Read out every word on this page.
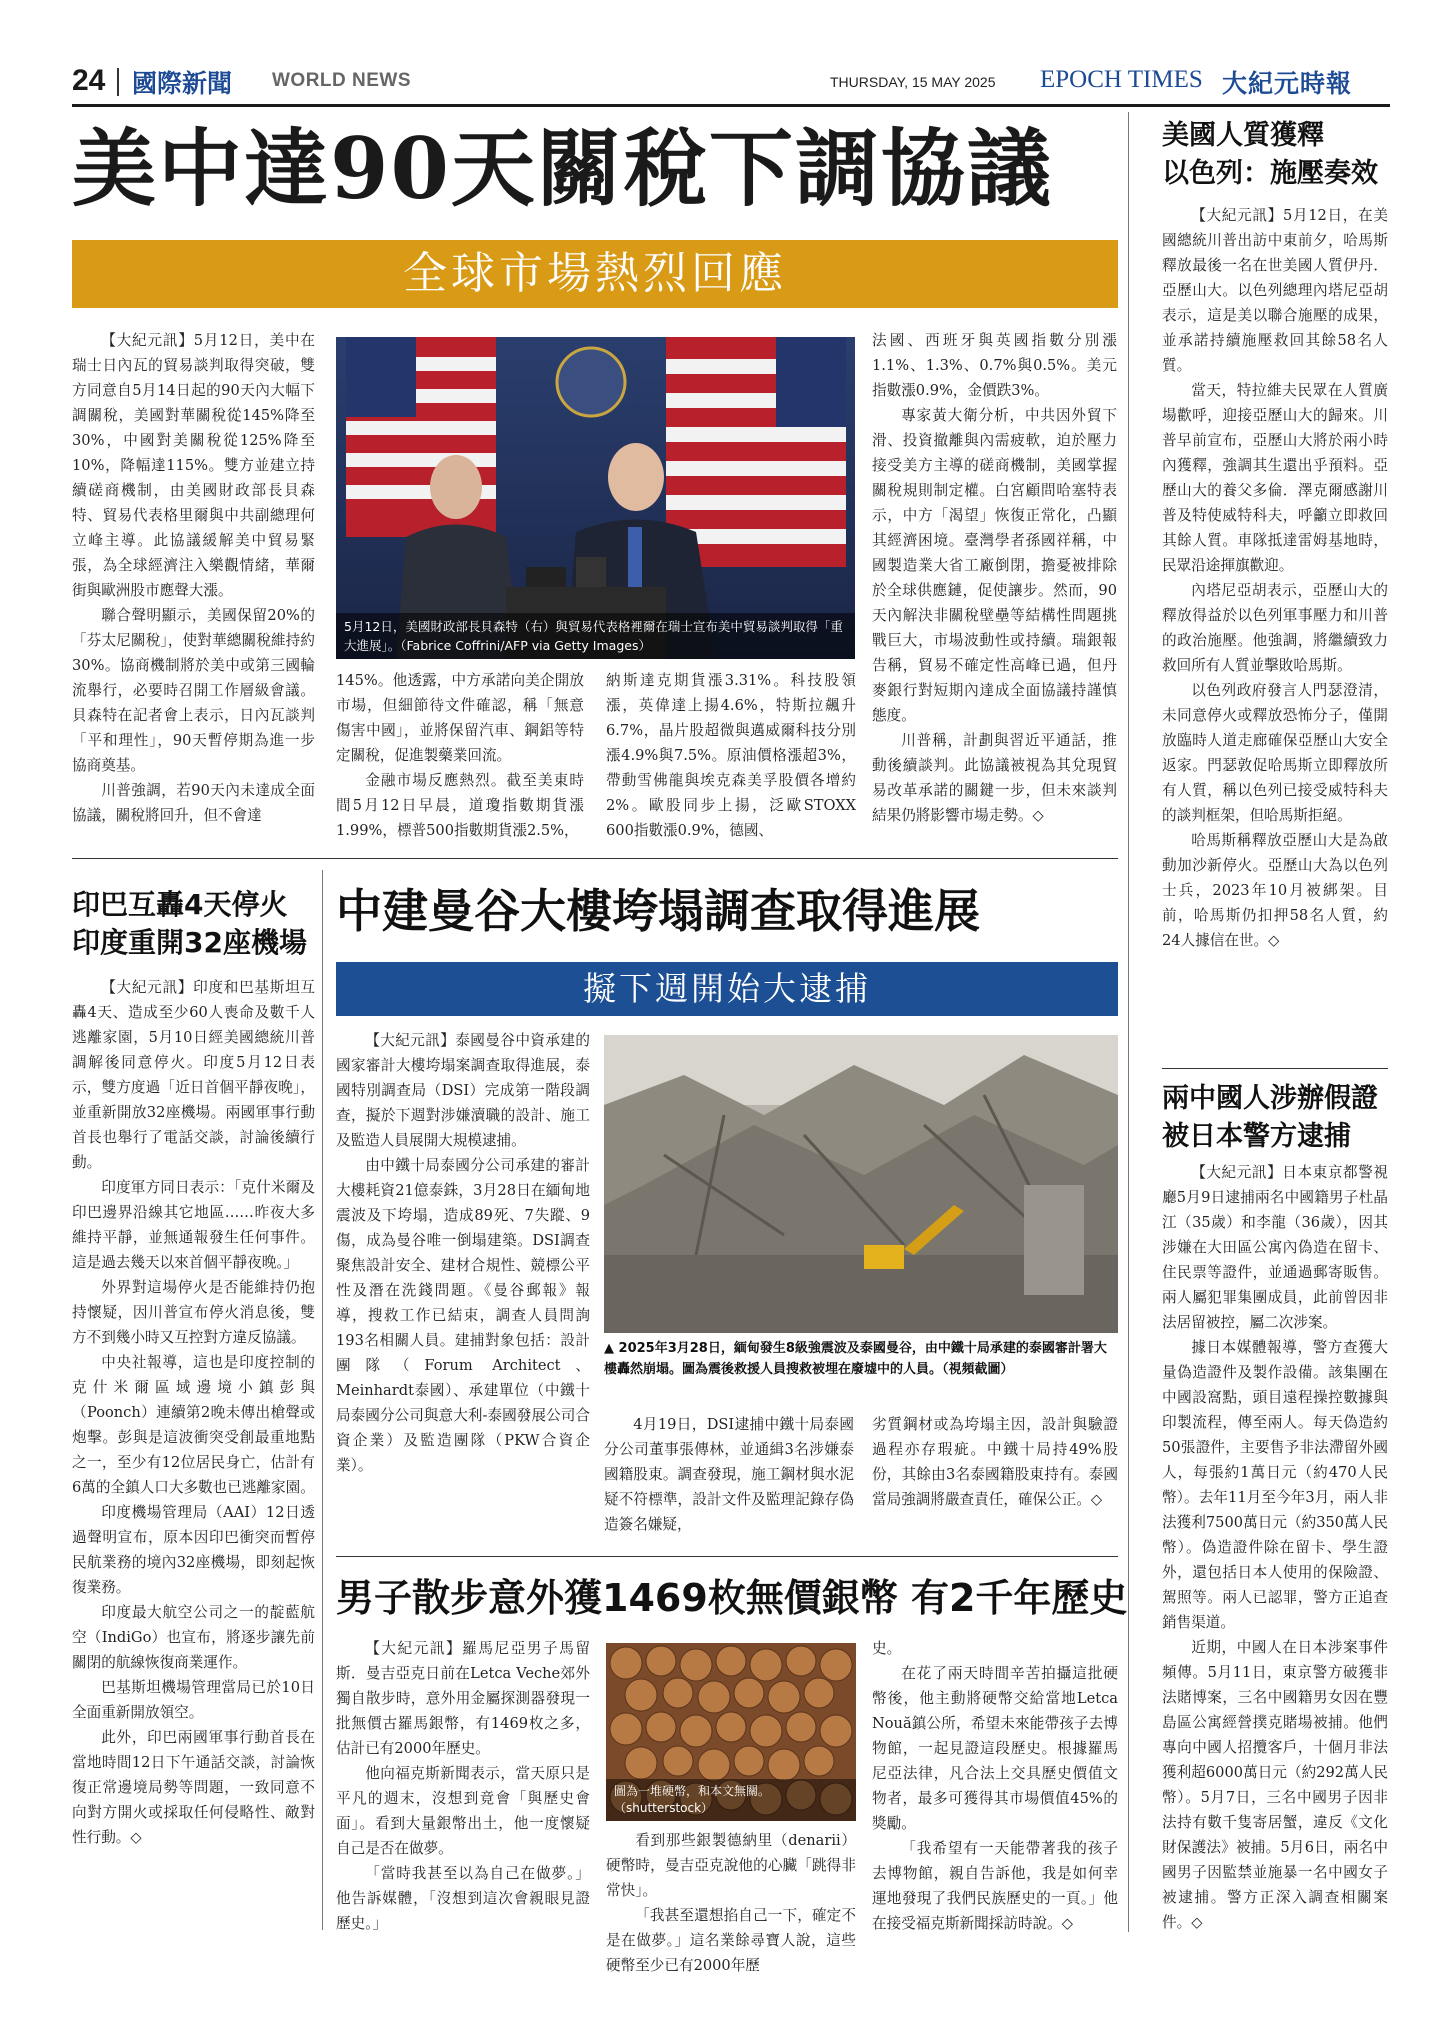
24 國際新聞 WORLD NEWS	THURSDAY, 15 MAY 2025 EPOCH TIMES 大紀元時報
美中達90天關稅下調協議
全球市場熱烈回應

【大紀元訊】5月12日，美中在瑞士日內瓦的貿易談判取得突破，雙方同意自5月14日起的90天內大幅下調關稅，美國對華關稅從145%降至30%，中國對美關稅從125%降至10%，降幅達115%。雙方並建立持續磋商機制，由美國財政部長貝森特、貿易代表格里爾與中共副總理何立峰主導。此協議緩解美中貿易緊張，為全球經濟注入樂觀情緒，華爾街與歐洲股市應聲大漲。

聯合聲明顯示，美國保留20%的「芬太尼關稅」，使對華總關稅維持約30%。協商機制將於美中或第三國輪流舉行，必要時召開工作層級會議。貝森特在記者會上表示，日內瓦談判「平和理性」，90天暫停期為進一步協商奠基。

川普強調，若90天內未達成全面協議，關稅將回升，但不會達

5月12日，美國財政部長貝森特（右）與貿易代表格裡爾在瑞士宣布美中貿易談判取得「重大進展」。（Fabrice Coffrini/AFP via Getty Images）

145%。他透露，中方承諾向美企開放市場，但細節待文件確認，稱「無意傷害中國」，並將保留汽車、鋼鋁等特定關稅，促進製藥業回流。

金融市場反應熱烈。截至美東時間5月12日早晨，道瓊指數期貨漲1.99%，標普500指數期貨漲2.5%，

納斯達克期貨漲3.31%。科技股領漲，英偉達上揚4.6%，特斯拉飆升6.7%，晶片股超微與邁威爾科技分別漲4.9%與7.5%。原油價格漲超3%，帶動雪佛龍與埃克森美孚股價各增約2%。歐股同步上揚，泛歐STOXX 600指數漲0.9%，德國、

法國、西班牙與英國指數分別漲1.1%、1.3%、0.7%與0.5%。美元指數漲0.9%，金價跌3%。

專家黃大衛分析，中共因外貿下滑、投資撤離與內需疲軟，迫於壓力接受美方主導的磋商機制，美國掌握關稅規則制定權。白宮顧問哈塞特表示，中方「渴望」恢復正常化，凸顯其經濟困境。臺灣學者孫國祥稱，中國製造業大省工廠倒閉，擔憂被排除於全球供應鏈，促使讓步。然而，90天內解決非關稅壁壘等結構性問題挑戰巨大，市場波動性或持續。瑞銀報告稱，貿易不確定性高峰已過，但丹麥銀行對短期內達成全面協議持謹慎態度。

川普稱，計劃與習近平通話，推動後續談判。此協議被視為其兌現貿易改革承諾的關鍵一步，但未來談判結果仍將影響市場走勢。◇

美國人質獲釋
以色列：施壓奏效

【大紀元訊】5月12日，在美國總統川普出訪中東前夕，哈馬斯釋放最後一名在世美國人質伊丹．亞歷山大。以色列總理內塔尼亞胡表示，這是美以聯合施壓的成果，並承諾持續施壓救回其餘58名人質。

當天，特拉維夫民眾在人質廣場歡呼，迎接亞歷山大的歸來。川普早前宣布，亞歷山大將於兩小時內獲釋，強調其生還出乎預料。亞歷山大的養父多倫．澤克爾感謝川普及特使威特科夫，呼籲立即救回其餘人質。車隊抵達雷姆基地時，民眾沿途揮旗歡迎。

內塔尼亞胡表示，亞歷山大的釋放得益於以色列軍事壓力和川普的政治施壓。他強調，將繼續致力救回所有人質並擊敗哈馬斯。

以色列政府發言人門瑟澄清，未同意停火或釋放恐怖分子，僅開放臨時人道走廊確保亞歷山大安全返家。門瑟敦促哈馬斯立即釋放所有人質，稱以色列已接受威特科夫的談判框架，但哈馬斯拒絕。

哈馬斯稱釋放亞歷山大是為啟動加沙新停火。亞歷山大為以色列士兵，2023年10月被綁架。目前，哈馬斯仍扣押58名人質，約24人據信在世。◇

兩中國人涉辦假證
被日本警方逮捕

【大紀元訊】日本東京都警視廳5月9日逮捕兩名中國籍男子杜晶江（35歲）和李龍（36歲），因其涉嫌在大田區公寓內偽造在留卡、住民票等證件，並通過郵寄販售。兩人屬犯罪集團成員，此前曾因非法居留被控，屬二次涉案。

據日本媒體報導，警方查獲大量偽造證件及製作設備。該集團在中國設窩點，頭目遠程操控數據與印製流程，傳至兩人。每天偽造約50張證件，主要售予非法滯留外國人，每張約1萬日元（約470人民幣）。去年11月至今年3月，兩人非法獲利7500萬日元（約350萬人民幣）。偽造證件除在留卡、學生證外，還包括日本人使用的保險證、駕照等。兩人已認罪，警方正追查銷售渠道。

近期，中國人在日本涉案事件頻傳。5月11日，東京警方破獲非法賭博案，三名中國籍男女因在豐島區公寓經營撲克賭場被捕。他們專向中國人招攬客戶，十個月非法獲利超6000萬日元（約292萬人民幣）。5月7日，三名中國男子因非法持有數千隻寄居蟹，違反《文化財保護法》被捕。5月6日，兩名中國男子因監禁並施暴一名中國女子被逮捕。警方正深入調查相關案件。◇

印巴互轟4天停火
印度重開32座機場

【大紀元訊】印度和巴基斯坦互轟4天、造成至少60人喪命及數千人逃離家園，5月10日經美國總統川普調解後同意停火。印度5月12日表示，雙方度過「近日首個平靜夜晚」，並重新開放32座機場。兩國軍事行動首長也舉行了電話交談，討論後續行動。

印度軍方同日表示：「克什米爾及印巴邊界沿線其它地區……昨夜大多維持平靜，並無通報發生任何事件。這是過去幾天以來首個平靜夜晚。」

外界對這場停火是否能維持仍抱持懷疑，因川普宣布停火消息後，雙方不到幾小時又互控對方違反協議。

中央社報導，這也是印度控制的克什米爾區域邊境小鎮彭與（Poonch）連續第2晚未傳出槍聲或炮擊。彭與是這波衝突受創最重地點之一，至少有12位居民身亡，估計有6萬的全鎮人口大多數也已逃離家園。

印度機場管理局（AAI）12日透過聲明宣布，原本因印巴衝突而暫停民航業務的境內32座機場，即刻起恢復業務。

印度最大航空公司之一的靛藍航空（IndiGo）也宣布，將逐步讓先前關閉的航線恢復商業運作。

巴基斯坦機場管理當局已於10日全面重新開放領空。

此外，印巴兩國軍事行動首長在當地時間12日下午通話交談，討論恢復正常邊境局勢等問題，一致同意不向對方開火或採取任何侵略性、敵對性行動。◇

中建曼谷大樓垮塌調查取得進展
擬下週開始大逮捕

【大紀元訊】泰國曼谷中資承建的國家審計大樓垮塌案調查取得進展，泰國特別調查局（DSI）完成第一階段調查，擬於下週對涉嫌瀆職的設計、施工及監造人員展開大規模逮捕。

由中鐵十局泰國分公司承建的審計大樓耗資21億泰銖，3月28日在緬甸地震波及下垮塌，造成89死、7失蹤、9傷，成為曼谷唯一倒塌建築。DSI調查聚焦設計安全、建材合規性、競標公平性及潛在洗錢問題。《曼谷郵報》報導，搜救工作已結束，調查人員問詢193名相關人員。建捕對象包括：設計團隊（Forum Architect、Meinhardt泰國）、承建單位（中鐵十局泰國分公司與意大利-泰國發展公司合資企業）及監造團隊（PKW合資企業）。

▲ 2025年3月28日，緬甸發生8級強震波及泰國曼谷，由中鐵十局承建的泰國審計署大樓轟然崩塌。圖為震後救援人員搜救被埋在廢墟中的人員。（視頻截圖）

4月19日，DSI逮捕中鐵十局泰國分公司董事張傳林，並通緝3名涉嫌泰國籍股東。調查發現，施工鋼材與水泥疑不符標準，設計文件及監理記錄存偽造簽名嫌疑，

劣質鋼材或為垮塌主因，設計與驗證過程亦存瑕疵。中鐵十局持49%股份，其餘由3名泰國籍股東持有。泰國當局強調將嚴查責任，確保公正。◇

男子散步意外獲1469枚無價銀幣 有2千年歷史

【大紀元訊】羅馬尼亞男子馬留斯．曼吉亞克日前在Letca Veche郊外獨自散步時，意外用金屬探測器發現一批無價古羅馬銀幣，有1469枚之多，估計已有2000年歷史。

他向福克斯新聞表示，當天原只是平凡的週末，沒想到竟會「與歷史會面」。看到大量銀幣出土，他一度懷疑自己是否在做夢。

「當時我甚至以為自己在做夢。」他告訴媒體，「沒想到這次會親眼見證歷史。」

圖為一堆硬幣，和本文無關。（shutterstock）

看到那些銀製德納里（denarii）硬幣時，曼吉亞克說他的心臟「跳得非常快」。

「我甚至還想掐自己一下，確定不是在做夢。」這名業餘尋寶人說，這些硬幣至少已有2000年歷

史。

在花了兩天時間辛苦拍攝這批硬幣後，他主動將硬幣交給當地Letca Nouă鎮公所，希望未來能帶孩子去博物館，一起見證這段歷史。根據羅馬尼亞法律，凡合法上交具歷史價值文物者，最多可獲得其市場價值45%的獎勵。

「我希望有一天能帶著我的孩子去博物館，親自告訴他，我是如何幸運地發現了我們民族歷史的一頁。」他在接受福克斯新聞採訪時說。◇
